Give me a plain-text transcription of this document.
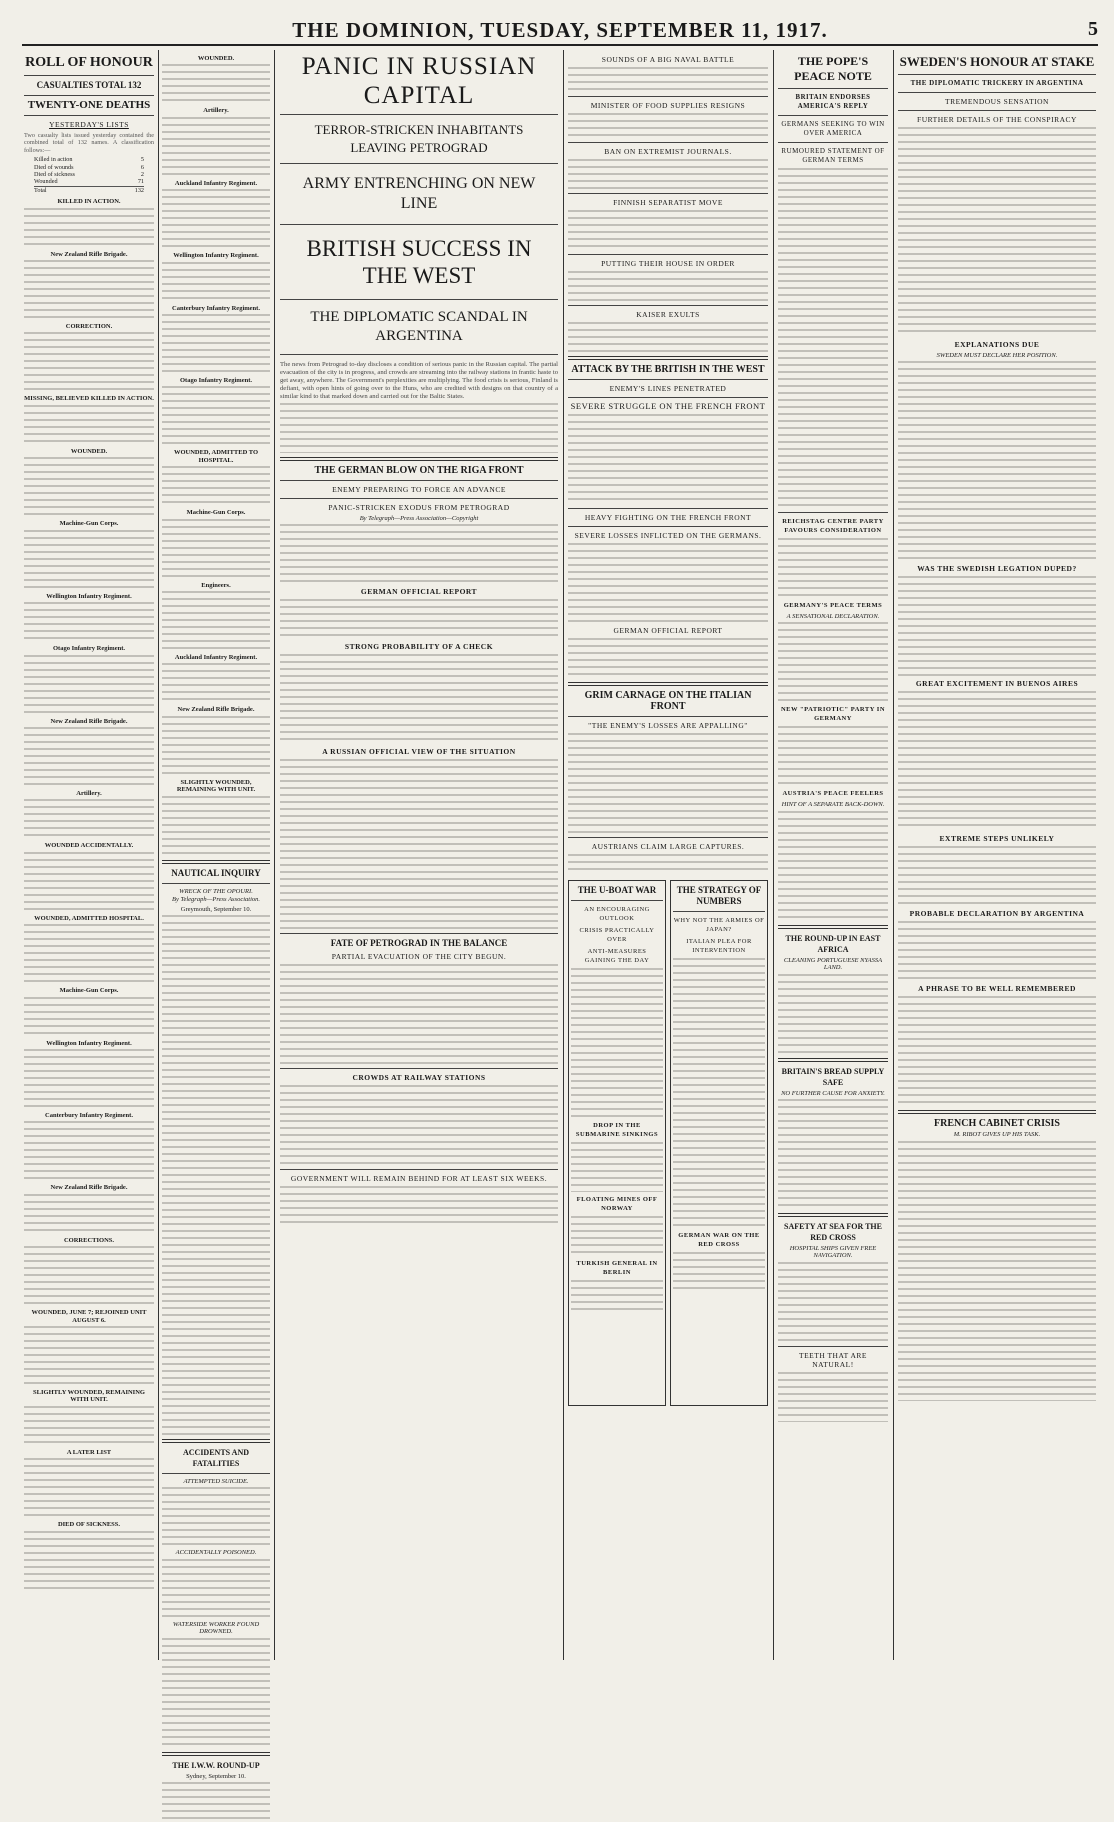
THE DOMINION, TUESDAY, SEPTEMBER 11, 1917.	5
ROLL OF HONOUR
CASUALTIES TOTAL 132
TWENTY-ONE DEATHS
YESTERDAY'S LISTS
Two casualty lists issued yesterday contained the combined total of 132 names. A classification follows:—
Killed in action	5
Died of wounds	6
Died of sickness	2
Wounded	71
Total	132
KILLED IN ACTION.
New Zealand Rifle Brigade.
CORRECTION.
MISSING, BELIEVED KILLED IN ACTION.
WOUNDED.
Machine-Gun Corps.
Wellington Infantry Regiment.
Otago Infantry Regiment.
New Zealand Rifle Brigade.
Artillery.
WOUNDED ACCIDENTALLY.
WOUNDED, ADMITTED HOSPITAL.
Machine-Gun Corps.
Wellington Infantry Regiment.
Canterbury Infantry Regiment.
New Zealand Rifle Brigade.
CORRECTIONS.
WOUNDED, JUNE 7; REJOINED UNIT AUGUST 6.
SLIGHTLY WOUNDED, REMAINING WITH UNIT.
A LATER LIST
DIED OF SICKNESS.
WOUNDED.
Artillery.
Auckland Infantry Regiment.
Wellington Infantry Regiment.
Canterbury Infantry Regiment.
Otago Infantry Regiment.
WOUNDED, ADMITTED TO HOSPITAL.
Machine-Gun Corps.
Engineers.
Auckland Infantry Regiment.
New Zealand Rifle Brigade.
SLIGHTLY WOUNDED, REMAINING WITH UNIT.
NAUTICAL INQUIRY
WRECK OF THE OPOURI.
By Telegraph—Press Association.
Greymouth, September 10.
ACCIDENTS AND FATALITIES
ATTEMPTED SUICIDE.
ACCIDENTALLY POISONED.
WATERSIDE WORKER FOUND DROWNED.
THE I.W.W. ROUND-UP
Sydney, September 10.
PANIC IN RUSSIAN CAPITAL
TERROR-STRICKEN INHABITANTS LEAVING PETROGRAD
ARMY ENTRENCHING ON NEW LINE
BRITISH SUCCESS IN THE WEST
THE DIPLOMATIC SCANDAL IN ARGENTINA
The news from Petrograd to-day discloses a condition of serious panic in the Russian capital. The partial evacuation of the city is in progress, and crowds are streaming into the railway stations in frantic haste to get away, anywhere. The Government's perplexities are multiplying. The food crisis is serious, Finland is defiant, with open hints of going over to the Huns, who are credited with designs on that country of a similar kind to that marked down and carried out for the Baltic States.
THE GERMAN BLOW ON THE RIGA FRONT
ENEMY PREPARING TO FORCE AN ADVANCE
PANIC-STRICKEN EXODUS FROM PETROGRAD
By Telegraph—Press Association—Copyright
GERMAN OFFICIAL REPORT
STRONG PROBABILITY OF A CHECK
A RUSSIAN OFFICIAL VIEW OF THE SITUATION
FATE OF PETROGRAD IN THE BALANCE
PARTIAL EVACUATION OF THE CITY BEGUN.
CROWDS AT RAILWAY STATIONS
GOVERNMENT WILL REMAIN BEHIND FOR AT LEAST SIX WEEKS.
SOUNDS OF A BIG NAVAL BATTLE
MINISTER OF FOOD SUPPLIES RESIGNS
BAN ON EXTREMIST JOURNALS.
FINNISH SEPARATIST MOVE
PUTTING THEIR HOUSE IN ORDER
KAISER EXULTS
ATTACK BY THE BRITISH IN THE WEST
ENEMY'S LINES PENETRATED
SEVERE STRUGGLE ON THE FRENCH FRONT
HEAVY FIGHTING ON THE FRENCH FRONT
SEVERE LOSSES INFLICTED ON THE GERMANS.
GERMAN OFFICIAL REPORT
GRIM CARNAGE ON THE ITALIAN FRONT
"THE ENEMY'S LOSSES ARE APPALLING"
AUSTRIANS CLAIM LARGE CAPTURES.
THE U-BOAT WAR
AN ENCOURAGING OUTLOOK
CRISIS PRACTICALLY OVER
ANTI-MEASURES GAINING THE DAY
DROP IN THE SUBMARINE SINKINGS
FLOATING MINES OFF NORWAY
TURKISH GENERAL IN BERLIN
THE STRATEGY OF NUMBERS
WHY NOT THE ARMIES OF JAPAN?
ITALIAN PLEA FOR INTERVENTION
GERMAN WAR ON THE RED CROSS
THE POPE'S PEACE NOTE
BRITAIN ENDORSES AMERICA'S REPLY
GERMANS SEEKING TO WIN OVER AMERICA
RUMOURED STATEMENT OF GERMAN TERMS
REICHSTAG CENTRE PARTY FAVOURS CONSIDERATION
GERMANY'S PEACE TERMS
A SENSATIONAL DECLARATION.
NEW "PATRIOTIC" PARTY IN GERMANY
AUSTRIA'S PEACE FEELERS
HINT OF A SEPARATE BACK-DOWN.
THE ROUND-UP IN EAST AFRICA
CLEANING PORTUGUESE NYASSA LAND.
BRITAIN'S BREAD SUPPLY SAFE
NO FURTHER CAUSE FOR ANXIETY.
SAFETY AT SEA FOR THE RED CROSS
HOSPITAL SHIPS GIVEN FREE NAVIGATION.
TEETH THAT ARE NATURAL!
SWEDEN'S HONOUR AT STAKE
THE DIPLOMATIC TRICKERY IN ARGENTINA
TREMENDOUS SENSATION
FURTHER DETAILS OF THE CONSPIRACY
EXPLANATIONS DUE
SWEDEN MUST DECLARE HER POSITION.
WAS THE SWEDISH LEGATION DUPED?
GREAT EXCITEMENT IN BUENOS AIRES
EXTREME STEPS UNLIKELY
PROBABLE DECLARATION BY ARGENTINA
A PHRASE TO BE WELL REMEMBERED
FRENCH CABINET CRISIS
M. RIBOT GIVES UP HIS TASK.
